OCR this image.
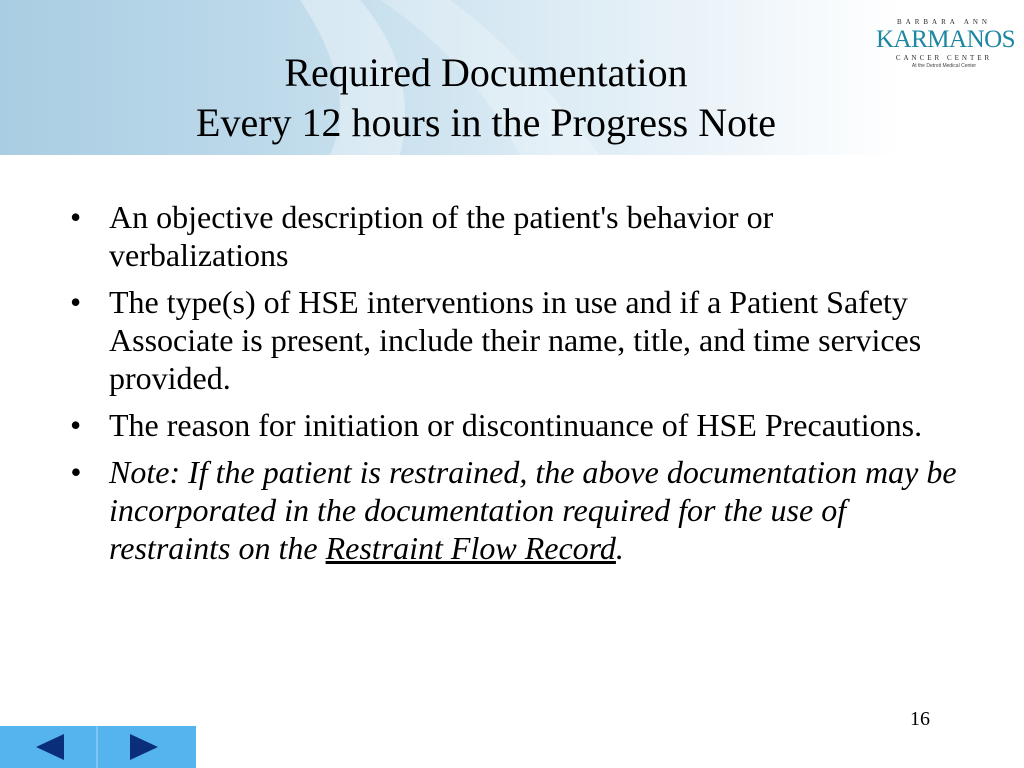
Required Documentation
Every 12 hours in the Progress Note
BARBARA ANN
KARMANOS
CANCER CENTER
At the Detroit Medical Center
• An objective description of the patient's behavior or verbalizations
• The type(s) of HSE interventions in use and if a Patient Safety Associate is present, include their name, title, and time services provided.
• The reason for initiation or discontinuance of HSE Precautions.
• Note: If the patient is restrained, the above documentation may be incorporated in the documentation required for the use of restraints on the Restraint Flow Record.
16
